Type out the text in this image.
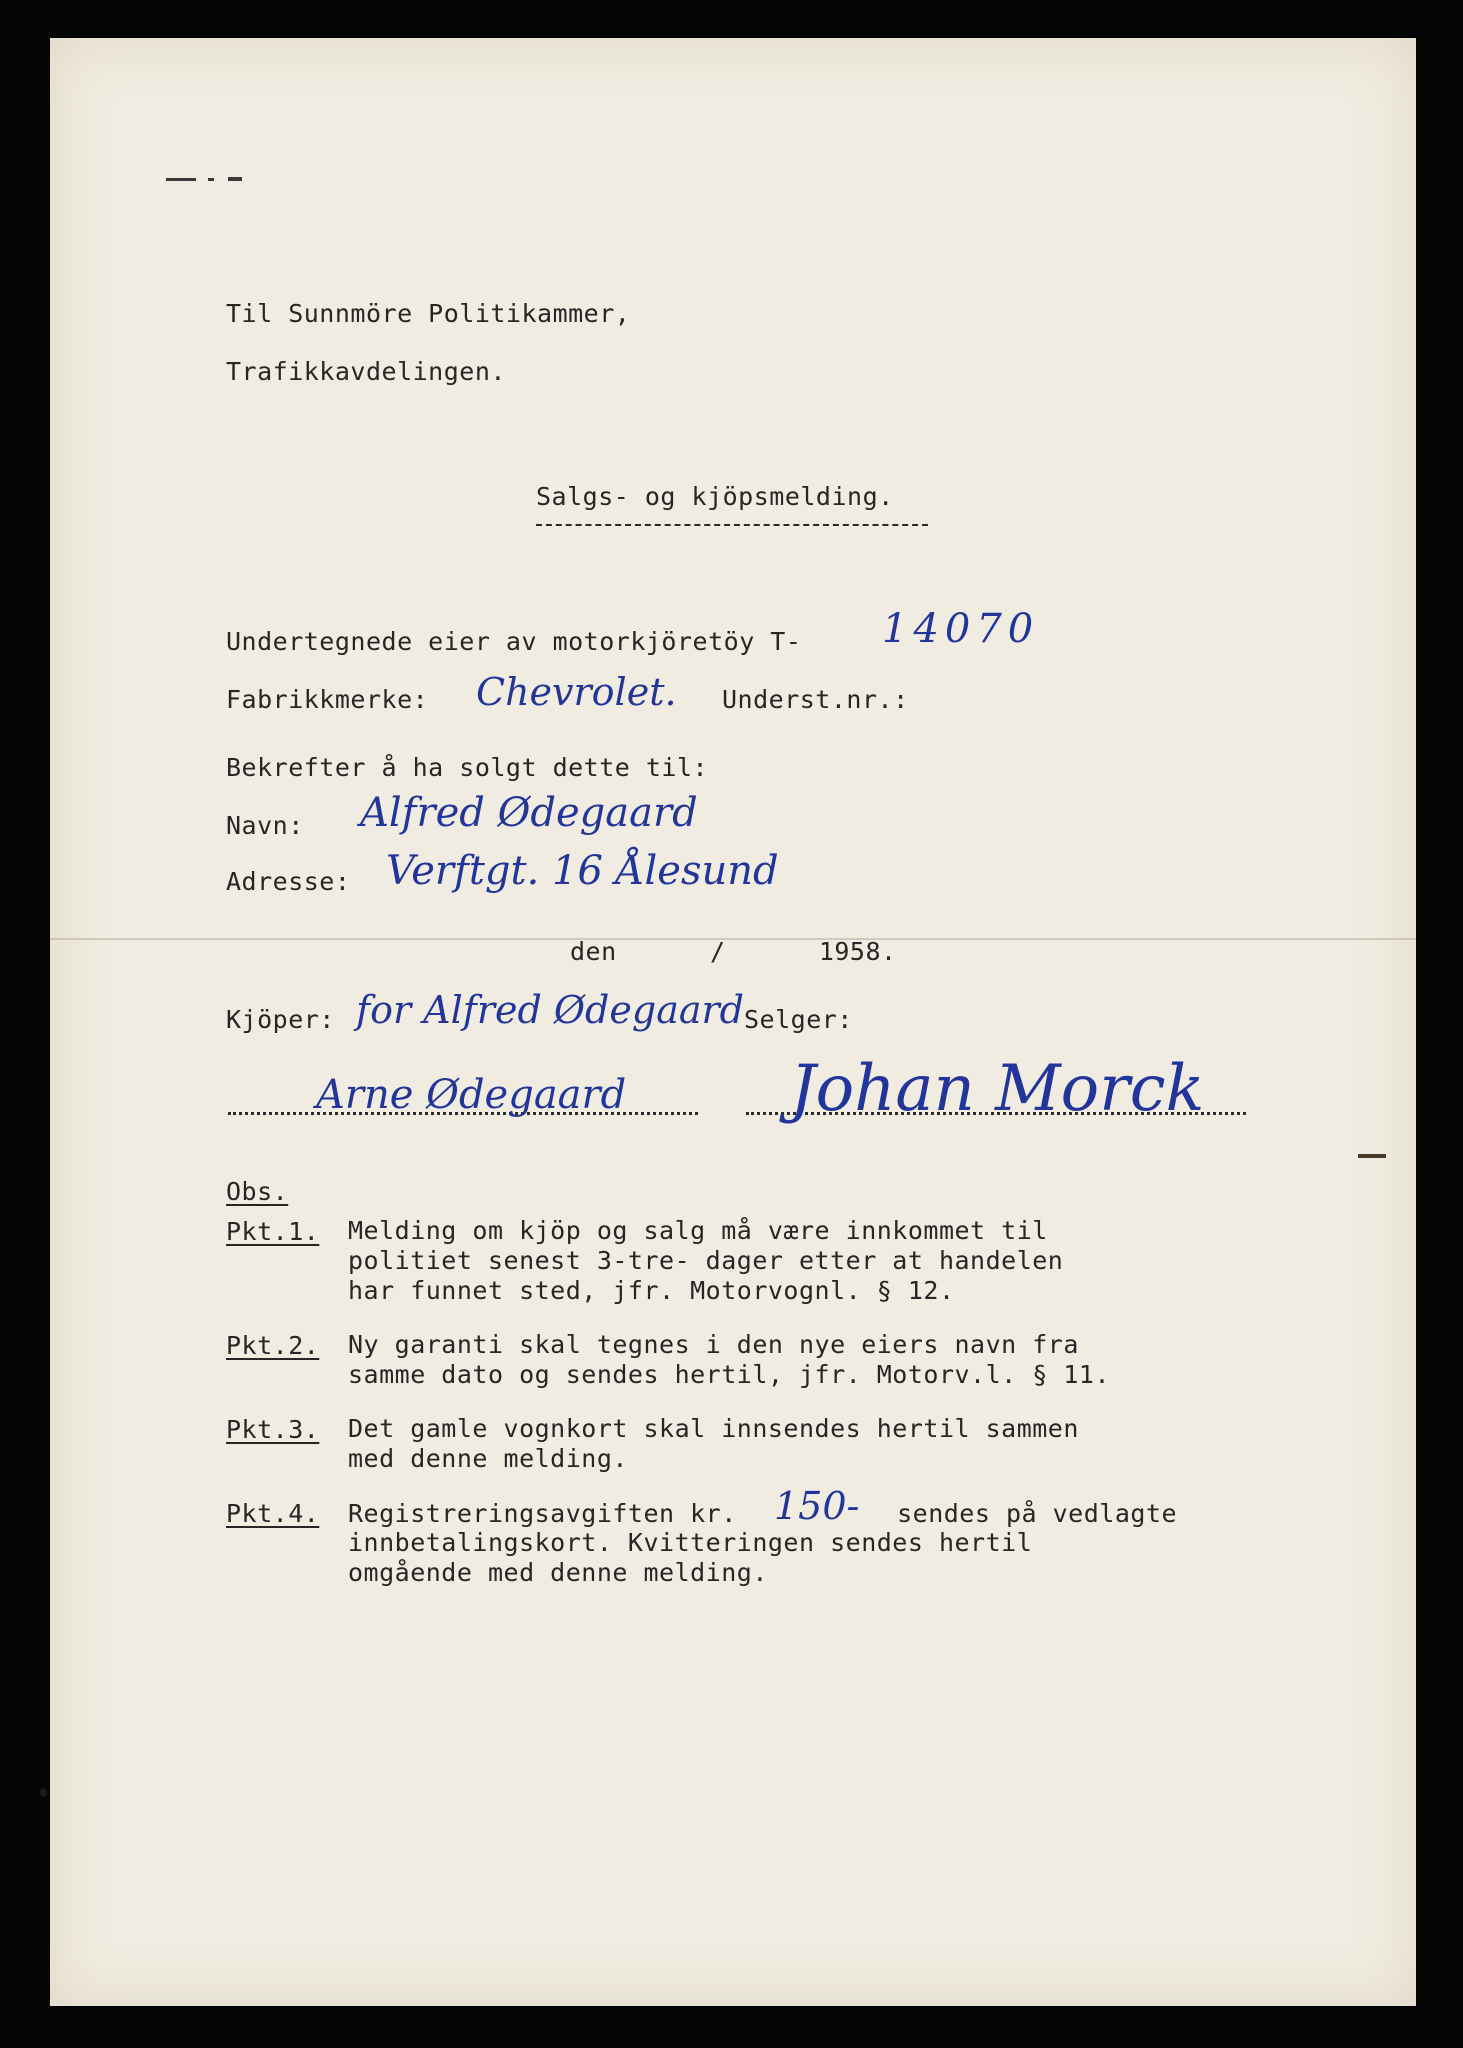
Til Sunnmöre Politikammer,
Trafikkavdelingen.
Salgs- og kjöpsmelding.
Undertegnede eier av motorkjöretöy T- 14070
Fabrikkmerke: Chevrolet. Underst.nr.:
Bekrefter å ha solgt dette til:
Navn: Alfred Ødegaard
Adresse: Verftgt. 16 Ålesund
den      /      1958.
Kjöper: for Alfred Ødegaard Selger:
Arne Ødegaard	Johan Morck
Obs.
Pkt.1. Melding om kjöp og salg må være innkommet til
politiet senest 3-tre- dager etter at handelen
har funnet sted, jfr. Motorvognl. § 12.
Pkt.2. Ny garanti skal tegnes i den nye eiers navn fra
samme dato og sendes hertil, jfr. Motorv.l. § 11.
Pkt.3. Det gamle vognkort skal innsendes hertil sammen
med denne melding.
Pkt.4. Registreringsavgiften kr. 150- sendes på vedlagte
innbetalingskort. Kvitteringen sendes hertil
omgående med denne melding.
